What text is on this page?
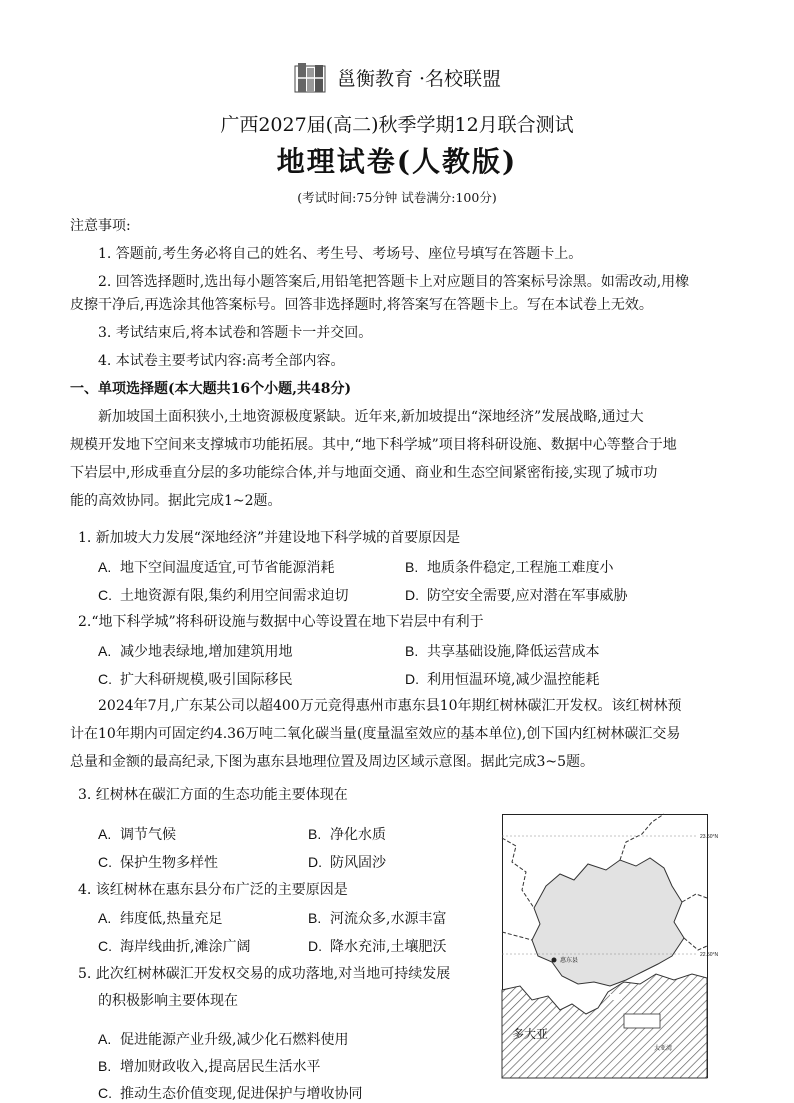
邕衡教育 ·名校联盟
广西2027届(高二)秋季学期12月联合测试
地理试卷(人教版)
(考试时间:75分钟 试卷满分:100分)
注意事项:
1. 答题前,考生务必将自己的姓名、考生号、考场号、座位号填写在答题卡上。
2. 回答选择题时,选出每小题答案后,用铅笔把答题卡上对应题目的答案标号涂黑。如需改动,用橡
皮擦干净后,再选涂其他答案标号。回答非选择题时,将答案写在答题卡上。写在本试卷上无效。
3. 考试结束后,将本试卷和答题卡一并交回。
4. 本试卷主要考试内容:高考全部内容。
一、单项选择题(本大题共16个小题,共48分)
新加坡国土面积狭小,土地资源极度紧缺。近年来,新加坡提出“深地经济”发展战略,通过大
规模开发地下空间来支撑城市功能拓展。其中,“地下科学城”项目将科研设施、数据中心等整合于地
下岩层中,形成垂直分层的多功能综合体,并与地面交通、商业和生态空间紧密衔接,实现了城市功
能的高效协同。据此完成1~2题。
1. 新加坡大力发展“深地经济”并建设地下科学城的首要原因是
A. 地下空间温度适宜,可节省能源消耗	B. 地质条件稳定,工程施工难度小
C. 土地资源有限,集约利用空间需求迫切	D. 防空安全需要,应对潜在军事威胁
2.“地下科学城”将科研设施与数据中心等设置在地下岩层中有利于
A. 减少地表绿地,增加建筑用地	B. 共享基础设施,降低运营成本
C. 扩大科研规模,吸引国际移民	D. 利用恒温环境,减少温控能耗
2024年7月,广东某公司以超400万元竞得惠州市惠东县10年期红树林碳汇开发权。该红树林预
计在10年期内可固定约4.36万吨二氧化碳当量(度量温室效应的基本单位),创下国内红树林碳汇交易
总量和金额的最高纪录,下图为惠东县地理位置及周边区域示意图。据此完成3~5题。
3. 红树林在碳汇方面的生态功能主要体现在
A. 调节气候	B. 净化水质
C. 保护生物多样性	D. 防风固沙
4. 该红树林在惠东县分布广泛的主要原因是
A. 纬度低,热量充足	B. 河流众多,水源丰富
C. 海岸线曲折,滩涂广阔	D. 降水充沛,土壤肥沃
5. 此次红树林碳汇开发权交易的成功落地,对当地可持续发展
的积极影响主要体现在
A. 促进能源产业升级,减少化石燃料使用
B. 增加财政收入,提高居民生活水平
C. 推动生态价值变现,促进保护与增收协同
23.50°N
22.50°N
惠东县
多大亚
大亚湾
